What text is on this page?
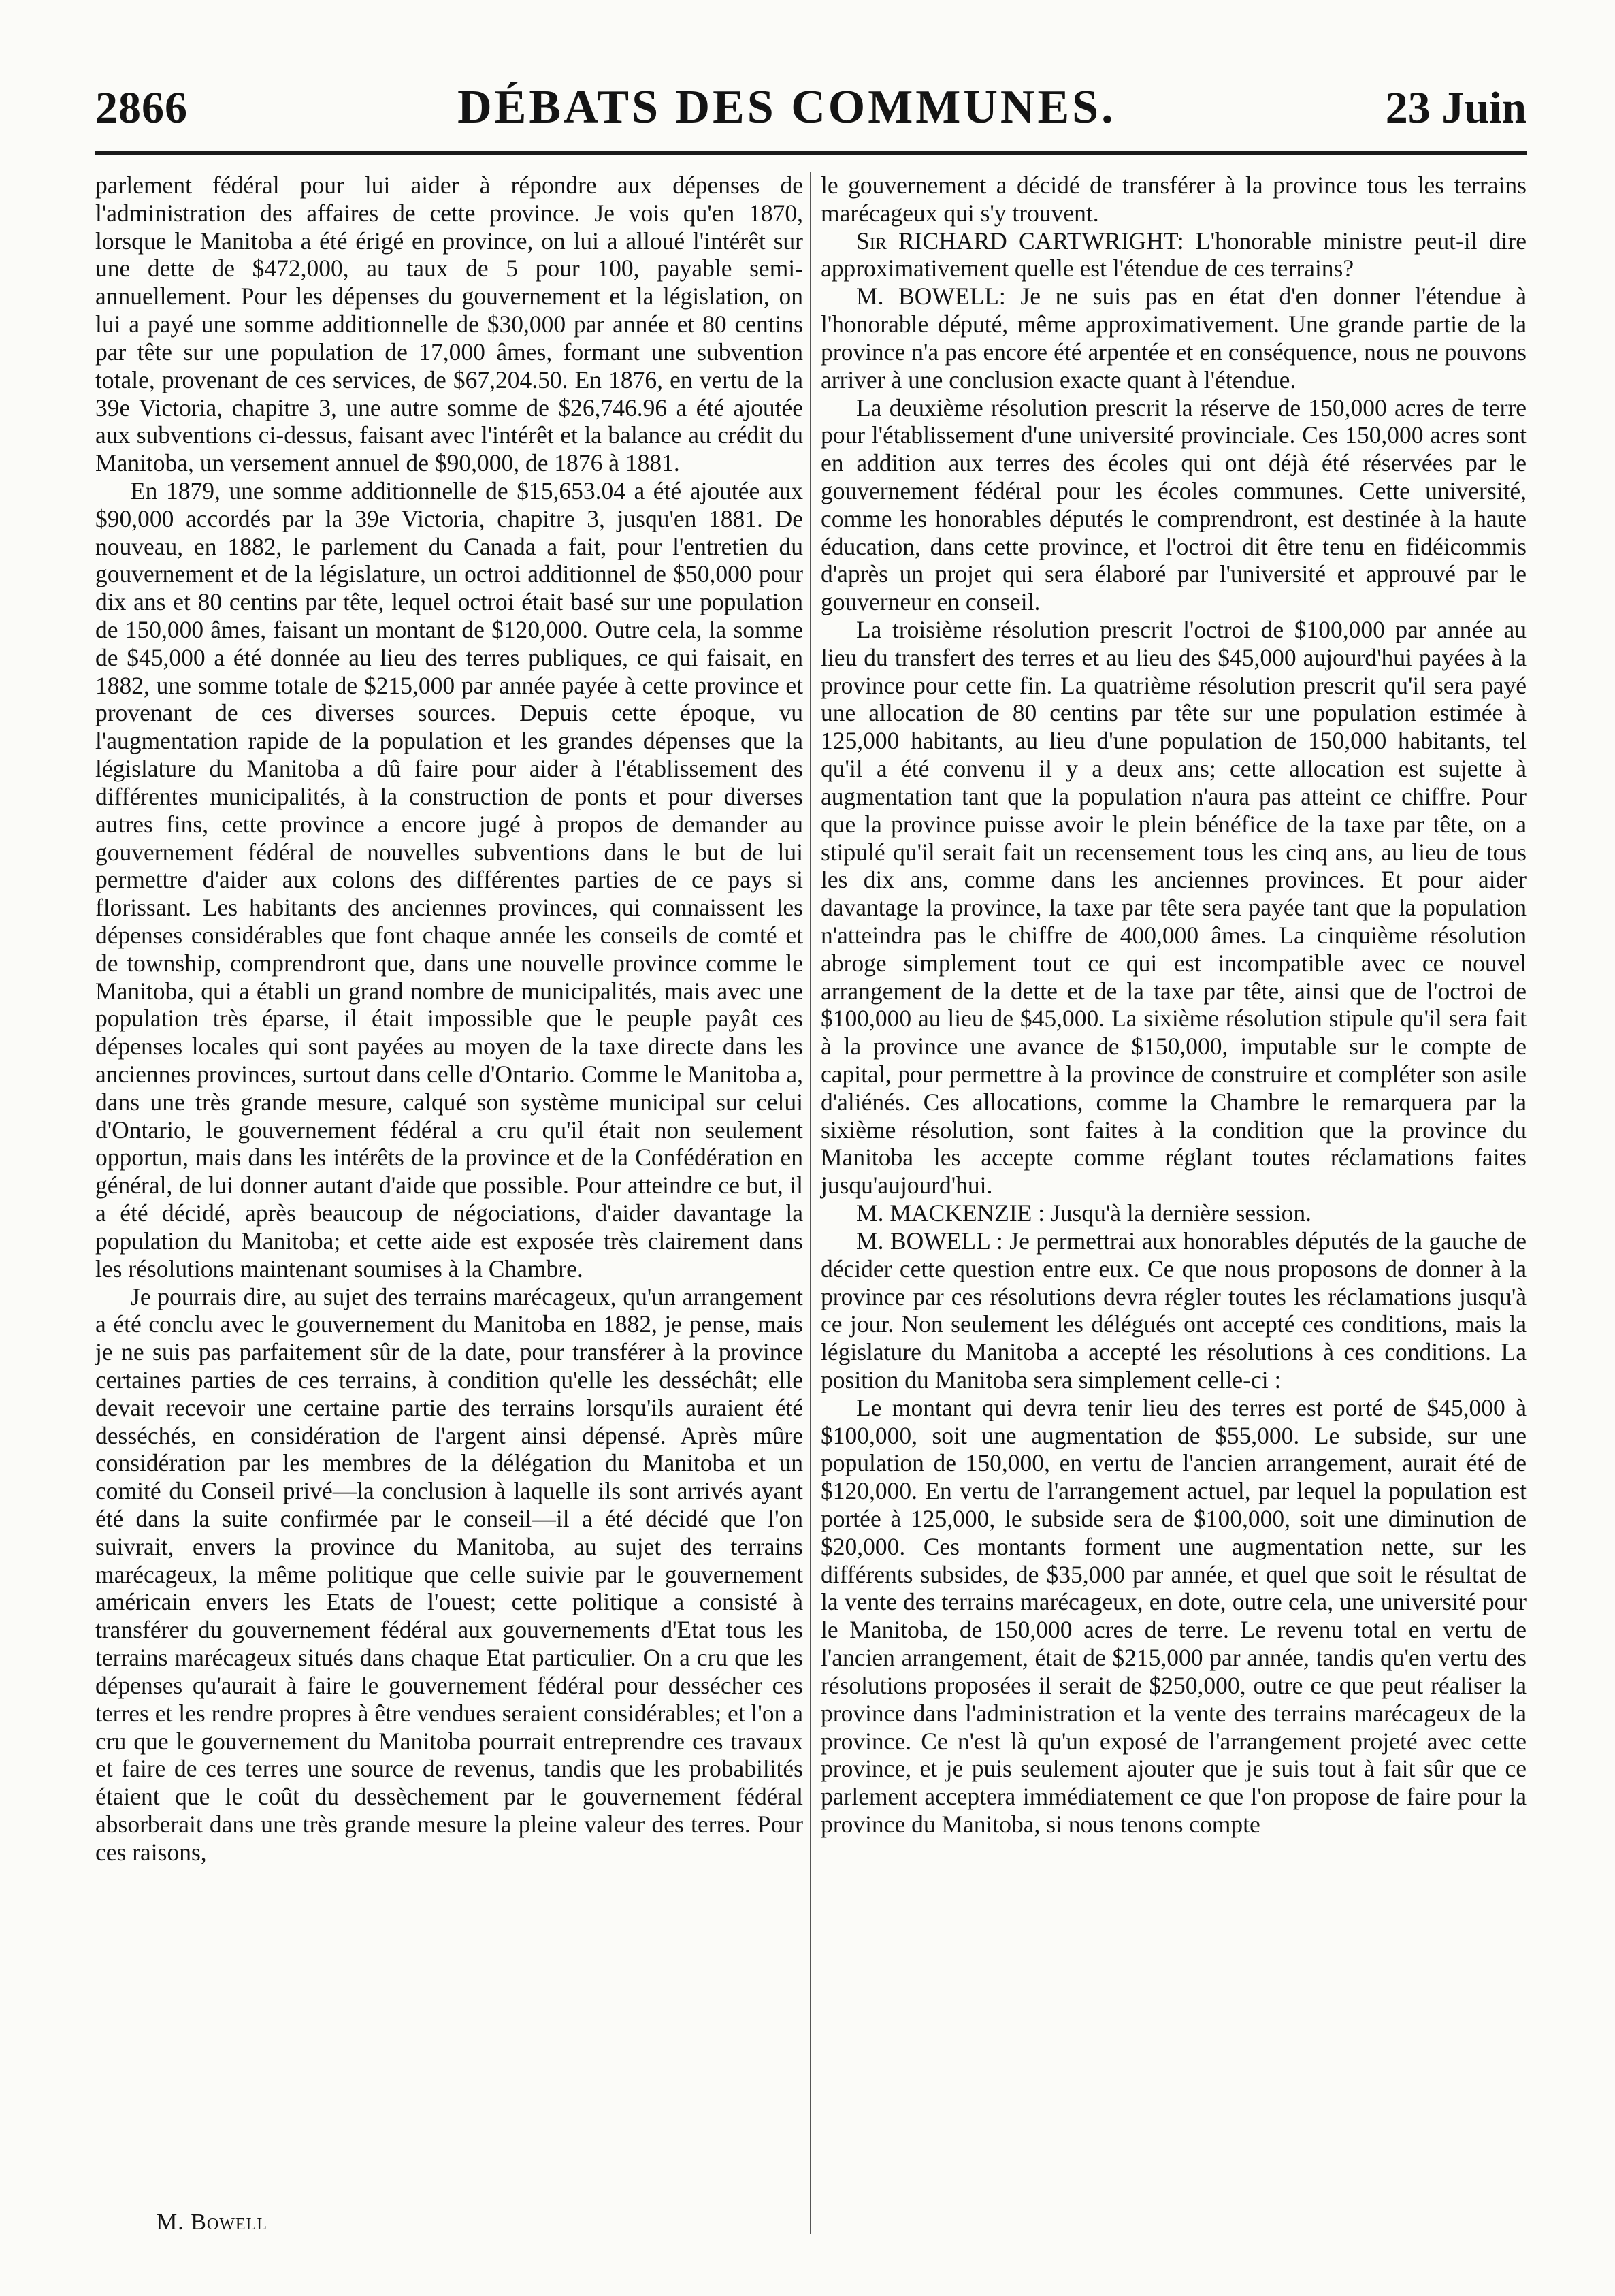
2866	DÉBATS DES COMMUNES.	23 Juin

parlement fédéral pour lui aider à répondre aux dépenses de l'administration des affaires de cette province. Je vois qu'en 1870, lorsque le Manitoba a été érigé en province, on lui a alloué l'intérêt sur une dette de $472,000, au taux de 5 pour 100, payable semi-annuellement. Pour les dépenses du gouvernement et la législation, on lui a payé une somme additionnelle de $30,000 par année et 80 centins par tête sur une population de 17,000 âmes, formant une subvention totale, provenant de ces services, de $67,204.50. En 1876, en vertu de la 39e Victoria, chapitre 3, une autre somme de $26,746.96 a été ajoutée aux subventions ci-dessus, faisant avec l'intérêt et la balance au crédit du Manitoba, un versement annuel de $90,000, de 1876 à 1881.

En 1879, une somme additionnelle de $15,653.04 a été ajoutée aux $90,000 accordés par la 39e Victoria, chapitre 3, jusqu'en 1881. De nouveau, en 1882, le parlement du Canada a fait, pour l'entretien du gouvernement et de la législature, un octroi additionnel de $50,000 pour dix ans et 80 centins par tête, lequel octroi était basé sur une population de 150,000 âmes, faisant un montant de $120,000. Outre cela, la somme de $45,000 a été donnée au lieu des terres publiques, ce qui faisait, en 1882, une somme totale de $215,000 par année payée à cette province et provenant de ces diverses sources. Depuis cette époque, vu l'augmentation rapide de la population et les grandes dépenses que la législature du Manitoba a dû faire pour aider à l'établissement des différentes municipalités, à la construction de ponts et pour diverses autres fins, cette province a encore jugé à propos de demander au gouvernement fédéral de nouvelles subventions dans le but de lui permettre d'aider aux colons des différentes parties de ce pays si florissant. Les habitants des anciennes provinces, qui connaissent les dépenses considérables que font chaque année les conseils de comté et de township, comprendront que, dans une nouvelle province comme le Manitoba, qui a établi un grand nombre de municipalités, mais avec une population très éparse, il était impossible que le peuple payât ces dépenses locales qui sont payées au moyen de la taxe directe dans les anciennes provinces, surtout dans celle d'Ontario. Comme le Manitoba a, dans une très grande mesure, calqué son système municipal sur celui d'Ontario, le gouvernement fédéral a cru qu'il était non seulement opportun, mais dans les intérêts de la province et de la Confédération en général, de lui donner autant d'aide que possible. Pour atteindre ce but, il a été décidé, après beaucoup de négociations, d'aider davantage la population du Manitoba; et cette aide est exposée très clairement dans les résolutions maintenant soumises à la Chambre.

Je pourrais dire, au sujet des terrains marécageux, qu'un arrangement a été conclu avec le gouvernement du Manitoba en 1882, je pense, mais je ne suis pas parfaitement sûr de la date, pour transférer à la province certaines parties de ces terrains, à condition qu'elle les desséchât; elle devait recevoir une certaine partie des terrains lorsqu'ils auraient été desséchés, en considération de l'argent ainsi dépensé. Après mûre considération par les membres de la délégation du Manitoba et un comité du Conseil privé—la conclusion à laquelle ils sont arrivés ayant été dans la suite confirmée par le conseil—il a été décidé que l'on suivrait, envers la province du Manitoba, au sujet des terrains marécageux, la même politique que celle suivie par le gouvernement américain envers les Etats de l'ouest; cette politique a consisté à transférer du gouvernement fédéral aux gouvernements d'Etat tous les terrains marécageux situés dans chaque Etat particulier. On a cru que les dépenses qu'aurait à faire le gouvernement fédéral pour dessécher ces terres et les rendre propres à être vendues seraient considérables; et l'on a cru que le gouvernement du Manitoba pourrait entreprendre ces travaux et faire de ces terres une source de revenus, tandis que les probabilités étaient que le coût du dessèchement par le gouvernement fédéral absorberait dans une très grande mesure la pleine valeur des terres. Pour ces raisons,

le gouvernement a décidé de transférer à la province tous les terrains marécageux qui s'y trouvent.

Sir RICHARD CARTWRIGHT: L'honorable ministre peut-il dire approximativement quelle est l'étendue de ces terrains?

M. BOWELL: Je ne suis pas en état d'en donner l'étendue à l'honorable député, même approximativement. Une grande partie de la province n'a pas encore été arpentée et en conséquence, nous ne pouvons arriver à une conclusion exacte quant à l'étendue.

La deuxième résolution prescrit la réserve de 150,000 acres de terre pour l'établissement d'une université provinciale. Ces 150,000 acres sont en addition aux terres des écoles qui ont déjà été réservées par le gouvernement fédéral pour les écoles communes. Cette université, comme les honorables députés le comprendront, est destinée à la haute éducation, dans cette province, et l'octroi dit être tenu en fidéicommis d'après un projet qui sera élaboré par l'université et approuvé par le gouverneur en conseil.

La troisième résolution prescrit l'octroi de $100,000 par année au lieu du transfert des terres et au lieu des $45,000 aujourd'hui payées à la province pour cette fin. La quatrième résolution prescrit qu'il sera payé une allocation de 80 centins par tête sur une population estimée à 125,000 habitants, au lieu d'une population de 150,000 habitants, tel qu'il a été convenu il y a deux ans; cette allocation est sujette à augmentation tant que la population n'aura pas atteint ce chiffre. Pour que la province puisse avoir le plein bénéfice de la taxe par tête, on a stipulé qu'il serait fait un recensement tous les cinq ans, au lieu de tous les dix ans, comme dans les anciennes provinces. Et pour aider davantage la province, la taxe par tête sera payée tant que la population n'atteindra pas le chiffre de 400,000 âmes. La cinquième résolution abroge simplement tout ce qui est incompatible avec ce nouvel arrangement de la dette et de la taxe par tête, ainsi que de l'octroi de $100,000 au lieu de $45,000. La sixième résolution stipule qu'il sera fait à la province une avance de $150,000, imputable sur le compte de capital, pour permettre à la province de construire et compléter son asile d'aliénés. Ces allocations, comme la Chambre le remarquera par la sixième résolution, sont faites à la condition que la province du Manitoba les accepte comme réglant toutes réclamations faites jusqu'aujourd'hui.

M. MACKENZIE : Jusqu'à la dernière session.

M. BOWELL : Je permettrai aux honorables députés de la gauche de décider cette question entre eux. Ce que nous proposons de donner à la province par ces résolutions devra régler toutes les réclamations jusqu'à ce jour. Non seulement les délégués ont accepté ces conditions, mais la législature du Manitoba a accepté les résolutions à ces conditions. La position du Manitoba sera simplement celle-ci :

Le montant qui devra tenir lieu des terres est porté de $45,000 à $100,000, soit une augmentation de $55,000. Le subside, sur une population de 150,000, en vertu de l'ancien arrangement, aurait été de $120,000. En vertu de l'arrangement actuel, par lequel la population est portée à 125,000, le subside sera de $100,000, soit une diminution de $20,000. Ces montants forment une augmentation nette, sur les différents subsides, de $35,000 par année, et quel que soit le résultat de la vente des terrains marécageux, en dote, outre cela, une université pour le Manitoba, de 150,000 acres de terre. Le revenu total en vertu de l'ancien arrangement, était de $215,000 par année, tandis qu'en vertu des résolutions proposées il serait de $250,000, outre ce que peut réaliser la province dans l'administration et la vente des terrains marécageux de la province. Ce n'est là qu'un exposé de l'arrangement projeté avec cette province, et je puis seulement ajouter que je suis tout à fait sûr que ce parlement acceptera immédiatement ce que l'on propose de faire pour la province du Manitoba, si nous tenons compte

M. Bowell
